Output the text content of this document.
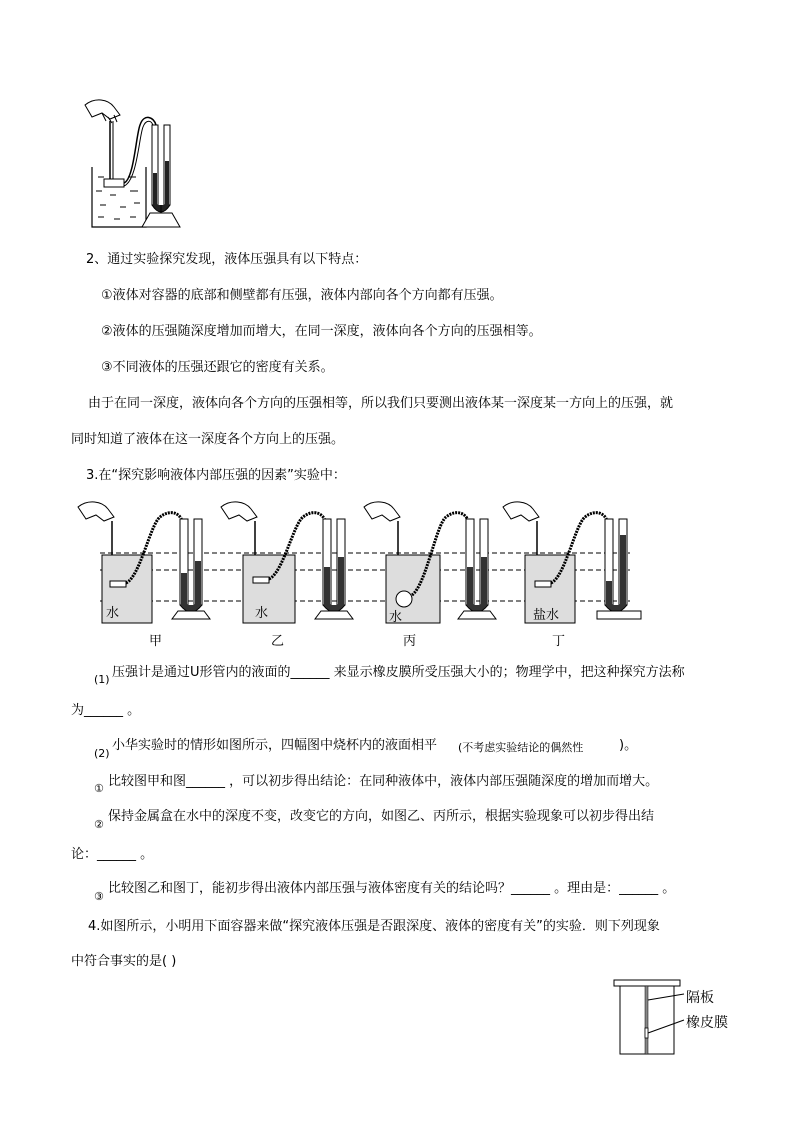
2、通过实验探究发现，液体压强具有以下特点：
①液体对容器的底部和侧壁都有压强，液体内部向各个方向都有压强。
②液体的压强随深度增加而增大，在同一深度，液体向各个方向的压强相等。
③不同液体的压强还跟它的密度有关系。
由于在同一深度，液体向各个方向的压强相等，所以我们只要测出液体某一深度某一方向上的压强，就
同时知道了液体在这一深度各个方向上的压强。
3.在“探究影响液体内部压强的因素”实验中：
水	水	水	盐水
甲	乙	丙	丁
(1) 压强计是通过U形管内的液面的______ 来显示橡皮膜所受压强大小的；物理学中，把这种探究方法称
为______ 。
(2)
小华实验时的情形如图所示，四幅图中烧杯内的液面相平 (不考虑实验结论的偶然性	)。
① 比较图甲和图______ ，可以初步得出结论：在同种液体中，液体内部压强随深度的增加而增大。
②
保持金属盒在水中的深度不变，改变它的方向，如图乙、丙所示，根据实验现象可以初步得出结
论：______ 。
③
比较图乙和图丁，能初步得出液体内部压强与液体密度有关的结论吗？______ 。理由是：______ 。
4.如图所示，小明用下面容器来做“探究液体压强是否跟深度、液体的密度有关”的实验．则下列现象
中符合事实的是( )
隔板
橡皮膜
